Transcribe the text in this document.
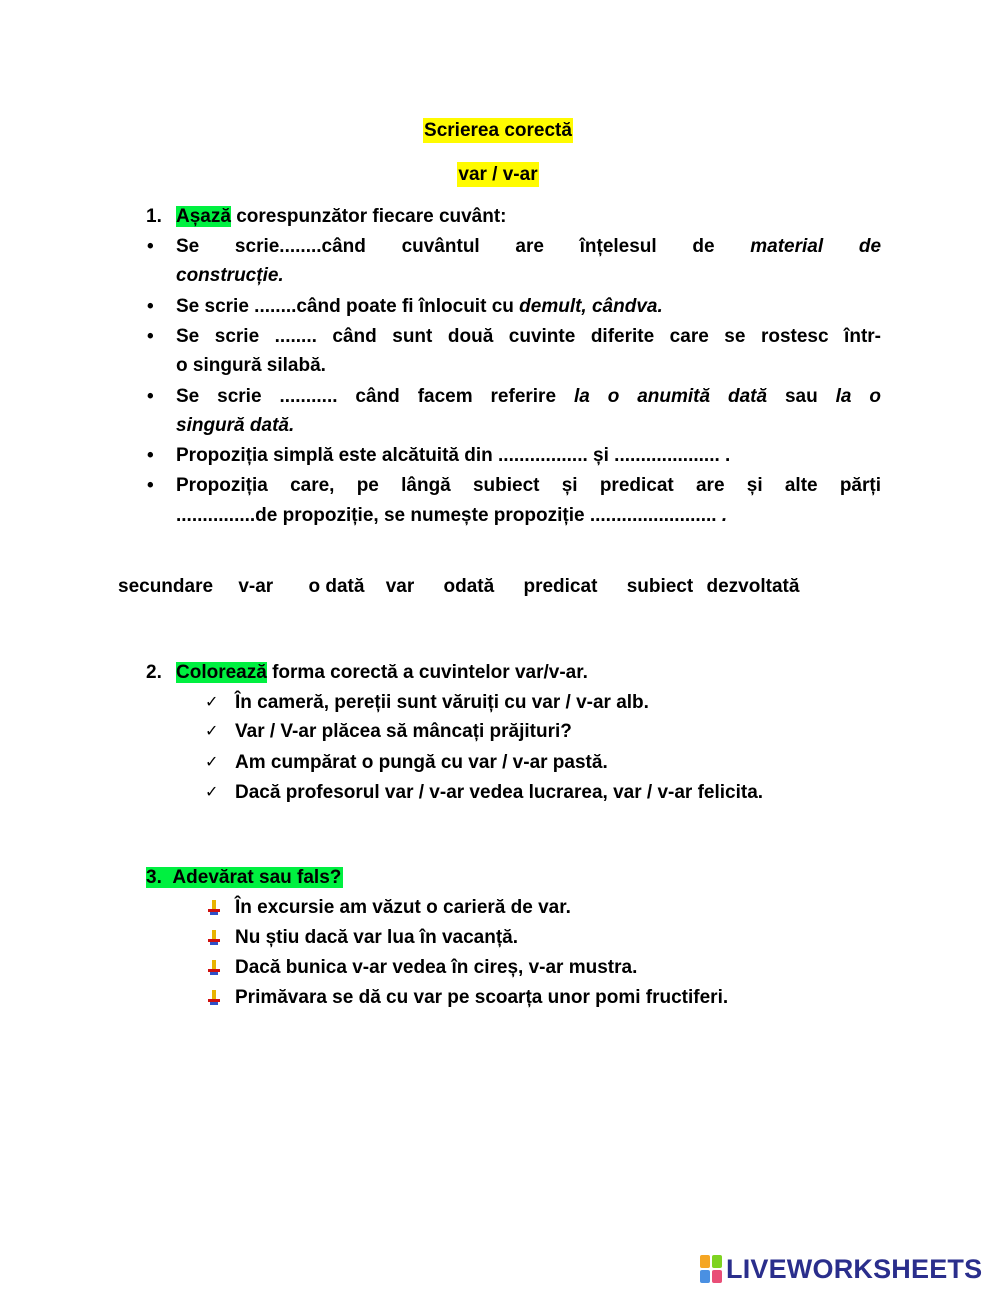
Scrierea corectă
var / v-ar
1. Așază corespunzător fiecare cuvânt:
• Se scrie........când cuvântul are înțelesul de material de
construcție.
• Se scrie ........când poate fi înlocuit cu demult, cândva.
• Se scrie ........ când sunt două cuvinte diferite care se rostesc într-
o singură silabă.
• Se scrie ........... când facem referire la o anumită dată sau la o
singură dată.
• Propoziția simplă este alcătuită din ................. și .................... .
• Propoziția care, pe lângă subiect și predicat are și alte părți
...............de propoziție, se numește propoziție ........................ .
secundare v-ar o dată var odată predicat subiect dezvoltată
2. Colorează forma corectă a cuvintelor var/v-ar.
✓ În cameră, pereții sunt văruiți cu var / v-ar alb.
✓ Var / V-ar plăcea să mâncați prăjituri?
✓ Am cumpărat o pungă cu var / v-ar pastă.
✓ Dacă profesorul var / v-ar vedea lucrarea, var / v-ar felicita.
3. Adevărat sau fals?
În excursie am văzut o carieră de var.
Nu știu dacă var lua în vacanță.
Dacă bunica v-ar vedea în cireș, v-ar mustra.
Primăvara se dă cu var pe scoarța unor pomi fructiferi.
LIVEWORKSHEETS
